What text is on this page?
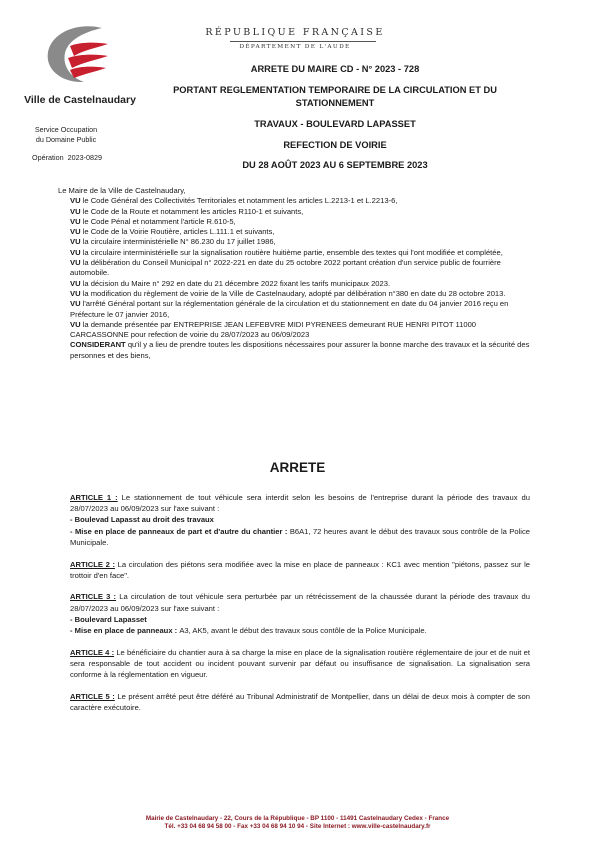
Ville de Castelnaudary
Service Occupation
du Domaine Public
Opération 2023-0829
RÉPUBLIQUE FRANÇAISE
DÉPARTEMENT DE L'AUDE
ARRETE DU MAIRE CD - N° 2023 - 728
PORTANT REGLEMENTATION TEMPORAIRE DE LA CIRCULATION ET DU
STATIONNEMENT
TRAVAUX - BOULEVARD LAPASSET
REFECTION DE VOIRIE
DU 28 AOÛT 2023 AU 6 SEPTEMBRE 2023

Le Maire de la Ville de Castelnaudary,

VU le Code Général des Collectivités Territoriales et notamment les articles L.2213-1 et L.2213-6,

VU le Code de la Route et notamment les articles R110-1 et suivants,

VU le Code Pénal et notamment l'article R.610-5,

VU le Code de la Voirie Routière, articles L.111.1 et suivants,

VU la circulaire interministérielle N° 86.230 du 17 juillet 1986,

VU la circulaire interministérielle sur la signalisation routière huitième partie, ensemble des textes qui l'ont modifiée et complétée,

VU la délibération du Conseil Municipal n° 2022-221 en date du 25 octobre 2022 portant création d'un service public de fourrière automobile.

VU la décision du Maire n° 292 en date du 21 décembre 2022 fixant les tarifs municipaux 2023.

VU la modification du règlement de voirie de la Ville de Castelnaudary, adopté par délibération n°380 en date du 28 octobre 2013.

VU l'arrêté Général portant sur la réglementation générale de la circulation et du stationnement en date du 04 janvier 2016 reçu en Préfecture le 07 janvier 2016,

VU la demande présentée par ENTREPRISE JEAN LEFEBVRE MIDI PYRENEES demeurant RUE HENRI PITOT 11000 CARCASSONNE pour refection de voirie du 28/07/2023 au 06/09/2023

CONSIDERANT qu'il y a lieu de prendre toutes les dispositions nécessaires pour assurer la bonne marche des travaux et la sécurité des personnes et des biens,

ARRETE

ARTICLE 1 : Le stationnement de tout véhicule sera interdit selon les besoins de l'entreprise durant la période des travaux du 28/07/2023 au 06/09/2023 sur l'axe suivant :

- Boulevad Lapasst au droit des travaux

- Mise en place de panneaux de part et d'autre du chantier : B6A1, 72 heures avant le début des travaux sous contrôle de la Police Municipale.

ARTICLE 2 : La circulation des piétons sera modifiée avec la mise en place de panneaux : KC1 avec mention "piétons, passez sur le trottoir d'en face".

ARTICLE 3 : La circulation de tout véhicule sera perturbée par un rétrécissement de la chaussée durant la période des travaux du 28/07/2023 au 06/09/2023 sur l'axe suivant :

- Boulevard Lapasset

- Mise en place de panneaux : A3, AK5, avant le début des travaux sous contôle de la Police Municipale.

ARTICLE 4 : Le bénéficiaire du chantier aura à sa charge la mise en place de la signalisation routière réglementaire de jour et de nuit et sera responsable de tout accident ou incident pouvant survenir par défaut ou insuffisance de signalisation. La signalisation sera conforme à la réglementation en vigueur.

ARTICLE 5 : Le présent arrêté peut être déféré au Tribunal Administratif de Montpellier, dans un délai de deux mois à compter de son caractère exécutoire.

Mairie de Castelnaudary - 22, Cours de la République - BP 1100 - 11491 Castelnaudary Cedex - France
Tél. +33 04 68 94 58 00 - Fax +33 04 68 94 10 94 - Site Internet : www.ville-castelnaudary.fr
